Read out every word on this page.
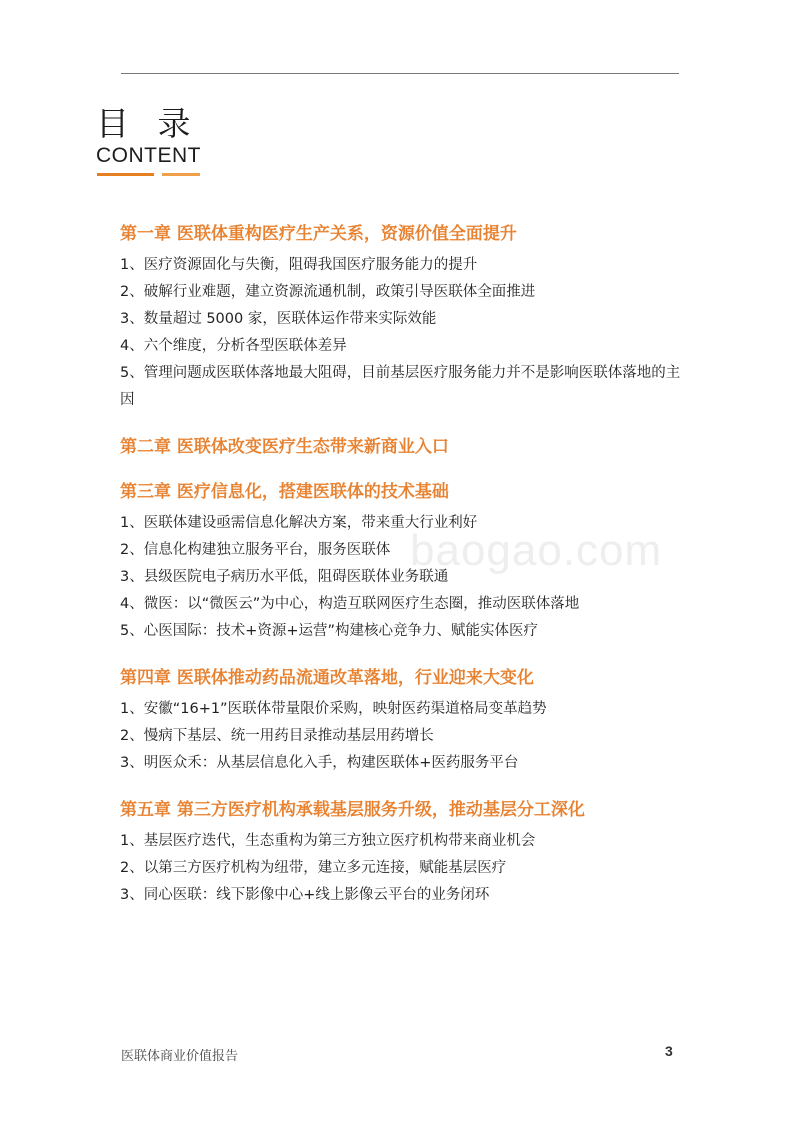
目 录
CONTENT
baogao.com
第一章 医联体重构医疗生产关系，资源价值全面提升
1、医疗资源固化与失衡，阻碍我国医疗服务能力的提升
2、破解行业难题，建立资源流通机制，政策引导医联体全面推进
3、数量超过 5000 家，医联体运作带来实际效能
4、六个维度，分析各型医联体差异
5、管理问题成医联体落地最大阻碍，目前基层医疗服务能力并不是影响医联体落地的主因
第二章 医联体改变医疗生态带来新商业入口
第三章 医疗信息化，搭建医联体的技术基础
1、医联体建设亟需信息化解决方案，带来重大行业利好
2、信息化构建独立服务平台，服务医联体
3、县级医院电子病历水平低，阻碍医联体业务联通
4、微医：以“微医云”为中心，构造互联网医疗生态圈，推动医联体落地
5、心医国际：技术+资源+运营”构建核心竞争力、赋能实体医疗
第四章 医联体推动药品流通改革落地，行业迎来大变化
1、安徽“16+1”医联体带量限价采购，映射医药渠道格局变革趋势
2、慢病下基层、统一用药目录推动基层用药增长
3、明医众禾：从基层信息化入手，构建医联体+医药服务平台
第五章 第三方医疗机构承载基层服务升级，推动基层分工深化
1、基层医疗迭代，生态重构为第三方独立医疗机构带来商业机会
2、以第三方医疗机构为纽带，建立多元连接，赋能基层医疗
3、同心医联：线下影像中心+线上影像云平台的业务闭环
医联体商业价值报告	3
